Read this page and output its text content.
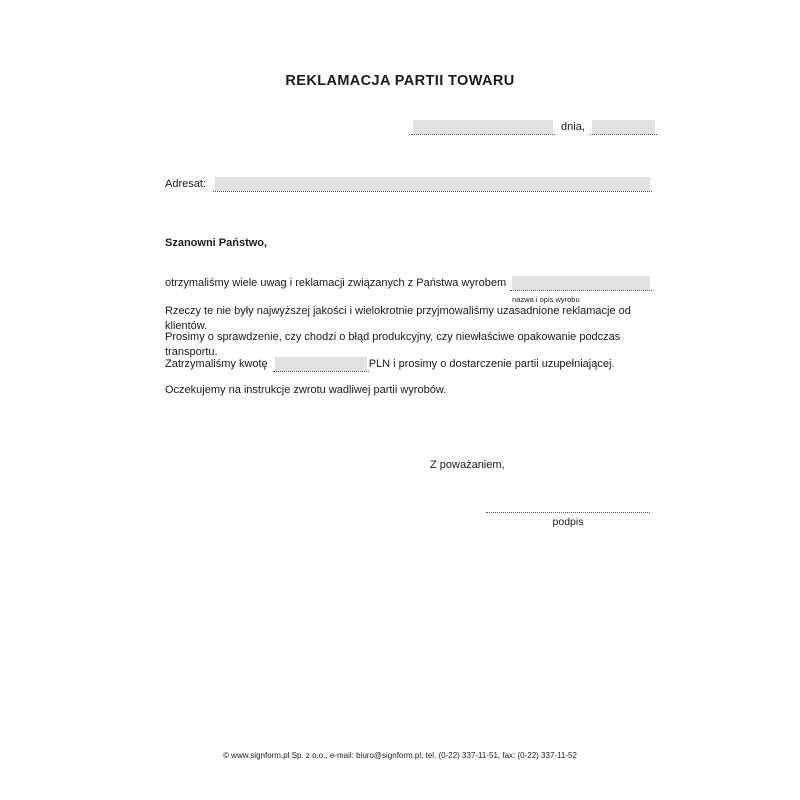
REKLAMACJA PARTII TOWARU
dnia,
Adresat:
Szanowni Państwo,
otrzymaliśmy wiele uwag i reklamacji związanych z Państwa wyrobem
nazwa i opis wyrobu
Rzeczy te nie były najwyższej jakości i wielokrotnie przyjmowaliśmy uzasadnione reklamacje od klientów.
Prosimy o sprawdzenie, czy chodzi o błąd produkcyjny, czy niewłaściwe opakowanie podczas transportu.
Zatrzymaliśmy kwotę	PLN i prosimy o dostarczenie partii uzupełniającej.
Oczekujemy na instrukcje zwrotu wadliwej partii wyrobów.
Z poważaniem,
podpis
© www.signform.pl Sp. z o.o., e-mail: biuro@signform.pl, tel. (0-22) 337-11-51, fax: (0-22) 337-11-52
